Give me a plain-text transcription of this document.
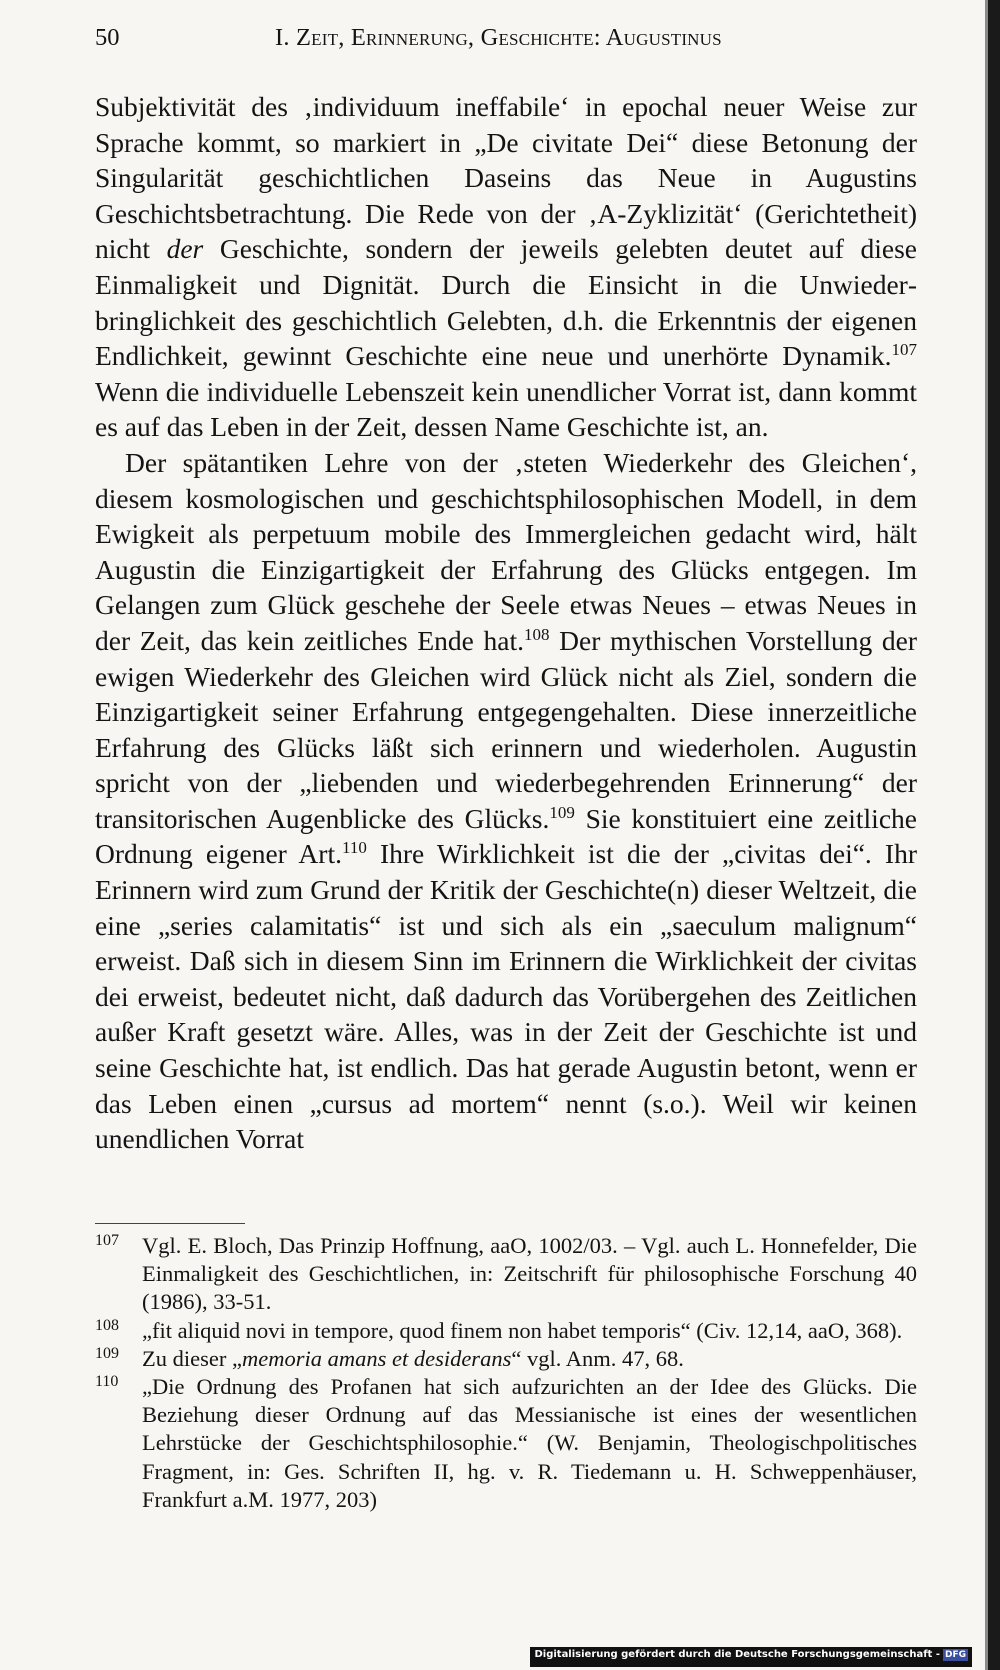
50	I. Zeit, Erinnerung, Geschichte: Augustinus

Subjektivität des ‚individuum ineffabile‘ in epochal neuer Weise zur Sprache kommt, so markiert in „De civitate Dei“ diese Betonung der Singularität geschichtlichen Daseins das Neue in Augustins Geschichtsbetrachtung. Die Rede von der ‚A-Zyklizität‘ (Gerichtetheit) nicht der Geschichte, sondern der jeweils gelebten deutet auf diese Einmaligkeit und Dignität. Durch die Einsicht in die Unwiederbringlichkeit des geschichtlich Gelebten, d.h. die Erkenntnis der eigenen Endlichkeit, gewinnt Geschichte eine neue und unerhörte Dynamik.$^{107}$ Wenn die individuelle Lebenszeit kein unendlicher Vorrat ist, dann kommt es auf das Leben in der Zeit, dessen Name Geschichte ist, an.

Der spätantiken Lehre von der ‚steten Wiederkehr des Gleichen‘, diesem kosmologischen und geschichtsphilosophischen Modell, in dem Ewigkeit als perpetuum mobile des Immergleichen gedacht wird, hält Augustin die Einzigartigkeit der Erfahrung des Glücks entgegen. Im Gelangen zum Glück geschehe der Seele etwas Neues – etwas Neues in der Zeit, das kein zeitliches Ende hat.$^{108}$ Der mythischen Vorstellung der ewigen Wiederkehr des Gleichen wird Glück nicht als Ziel, sondern die Einzigartigkeit seiner Erfahrung entgegengehalten. Diese innerzeitliche Erfahrung des Glücks läßt sich erinnern und wiederholen. Augustin spricht von der „liebenden und wiederbegehrenden Erinnerung“ der transitorischen Augenblicke des Glücks.$^{109}$ Sie konstituiert eine zeitliche Ordnung eigener Art.$^{110}$ Ihre Wirklichkeit ist die der „civitas dei“. Ihr Erinnern wird zum Grund der Kritik der Geschichte(n) dieser Weltzeit, die eine „series calamitatis“ ist und sich als ein „saeculum malignum“ erweist. Daß sich in diesem Sinn im Erinnern die Wirklichkeit der civitas dei erweist, bedeutet nicht, daß dadurch das Vorübergehen des Zeitlichen außer Kraft gesetzt wäre. Alles, was in der Zeit der Geschichte ist und seine Geschichte hat, ist endlich. Das hat gerade Augustin betont, wenn er das Leben einen „cursus ad mortem“ nennt (s.o.). Weil wir keinen unendlichen Vorrat

107 Vgl. E. Bloch, Das Prinzip Hoffnung, aaO, 1002/03. – Vgl. auch L. Honnefelder, Die Einmaligkeit des Geschichtlichen, in: Zeitschrift für philosophische Forschung 40 (1986), 33-51.
108 „fit aliquid novi in tempore, quod finem non habet temporis“ (Civ. 12,14, aaO, 368).
109 Zu dieser „memoria amans et desiderans“ vgl. Anm. 47, 68.
110 „Die Ordnung des Profanen hat sich aufzurichten an der Idee des Glücks. Die Beziehung dieser Ordnung auf das Messianische ist eines der wesentlichen Lehrstücke der Geschichtsphilosophie.“ (W. Benjamin, Theologischpolitisches Fragment, in: Ges. Schriften II, hg. v. R. Tiedemann u. H. Schweppenhäuser, Frankfurt a.M. 1977, 203)
Digitalisierung gefördert durch die Deutsche Forschungsgemeinschaft - DFG
